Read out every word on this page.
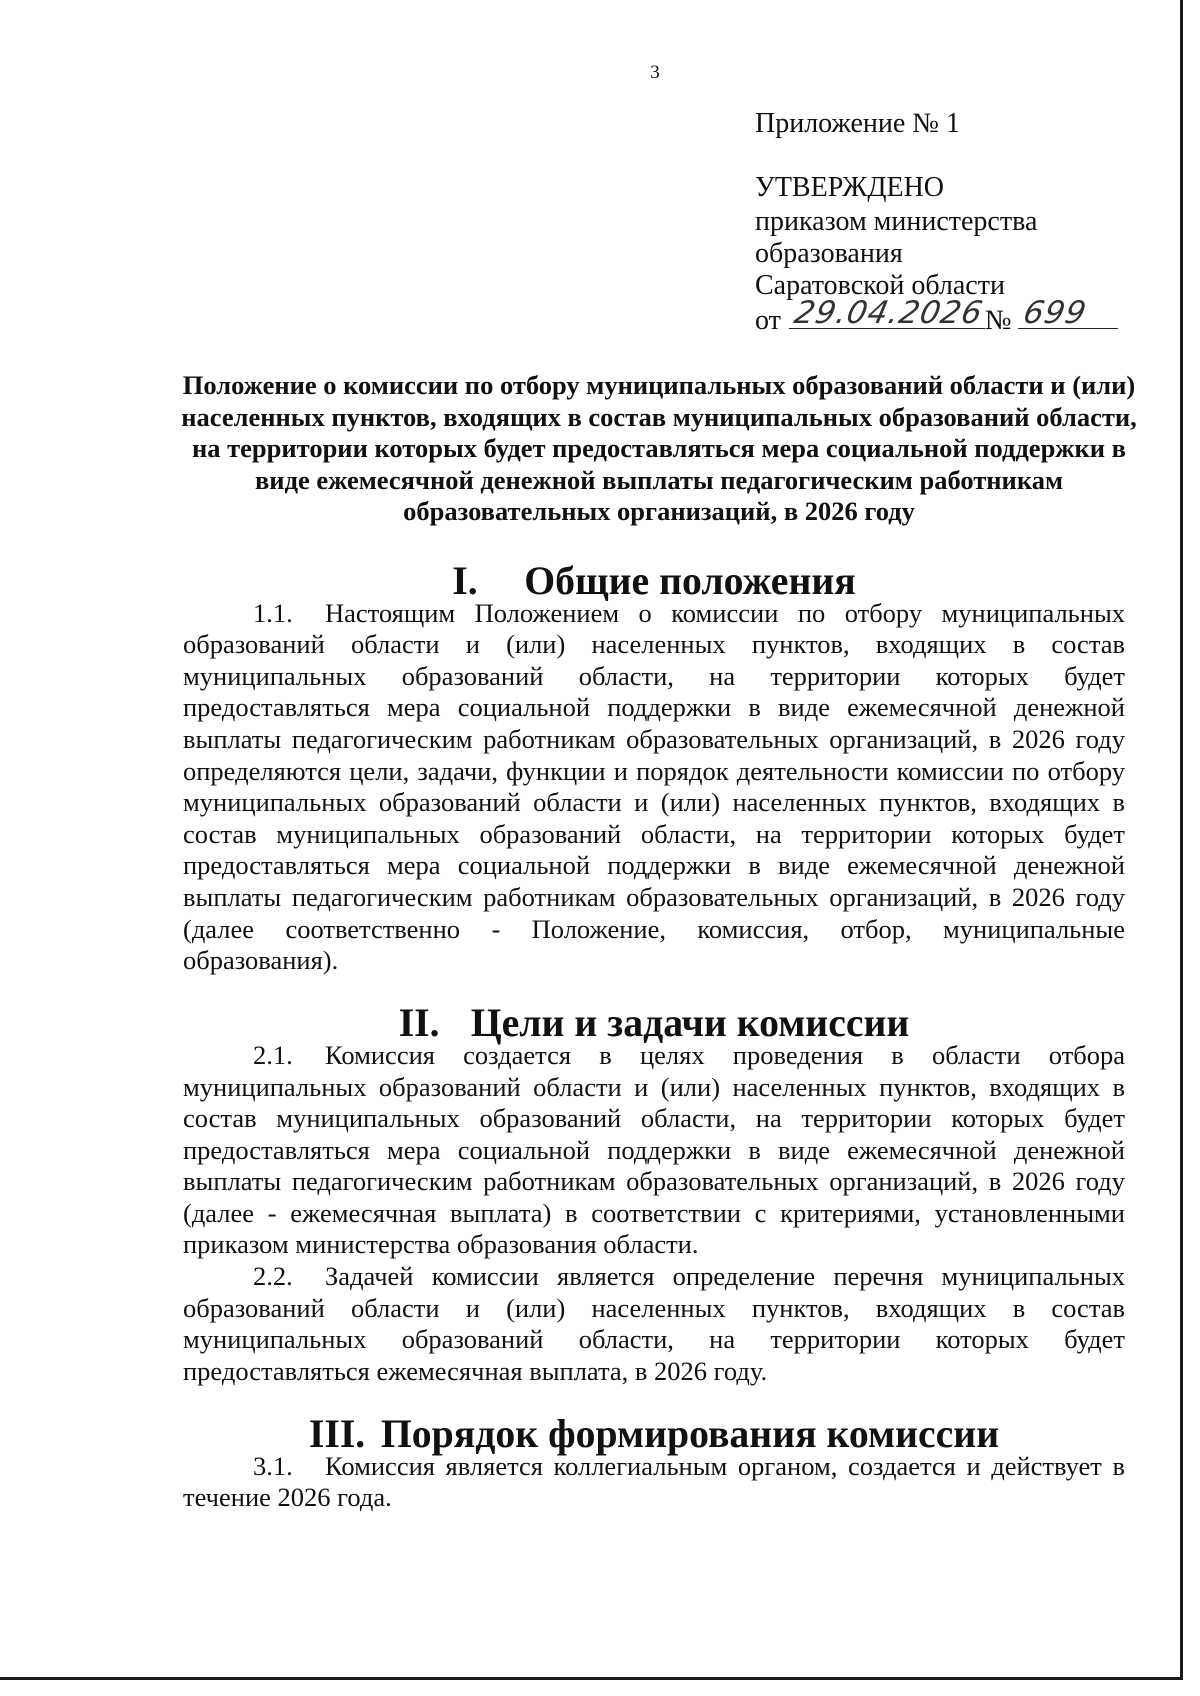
3
Приложение № 1
УТВЕРЖДЕНО
приказом министерства
образования
Саратовской области
от 29.04.2026
№ 699
Положение о комиссии по отбору муниципальных образований области и (или) населенных пунктов, входящих в состав муниципальных образований области, на территории которых будет предоставляться мера социальной поддержки в виде ежемесячной денежной выплаты педагогическим работникам образовательных организаций, в 2026 году
I. Общие положения

1.1. Настоящим Положением о комиссии по отбору муниципальных образований области и (или) населенных пунктов, входящих в состав муниципальных образований области, на территории которых будет предоставляться мера социальной поддержки в виде ежемесячной денежной выплаты педагогическим работникам образовательных организаций, в 2026 году определяются цели, задачи, функции и порядок деятельности комиссии по отбору муниципальных образований области и (или) населенных пунктов, входящих в состав муниципальных образований области, на территории которых будет предоставляться мера социальной поддержки в виде ежемесячной денежной выплаты педагогическим работникам образовательных организаций, в 2026 году (далее соответственно - Положение, комиссия, отбор, муниципальные образования).

II. Цели и задачи комиссии

2.1. Комиссия создается в целях проведения в области отбора муниципальных образований области и (или) населенных пунктов, входящих в состав муниципальных образований области, на территории которых будет предоставляться мера социальной поддержки в виде ежемесячной денежной выплаты педагогическим работникам образовательных организаций, в 2026 году (далее - ежемесячная выплата) в соответствии с критериями, установленными приказом министерства образования области.

2.2. Задачей комиссии является определение перечня муниципальных образований области и (или) населенных пунктов, входящих в состав муниципальных образований области, на территории которых будет предоставляться ежемесячная выплата, в 2026 году.

III. Порядок формирования комиссии

3.1. Комиссия является коллегиальным органом, создается и действует в течение 2026 года.
